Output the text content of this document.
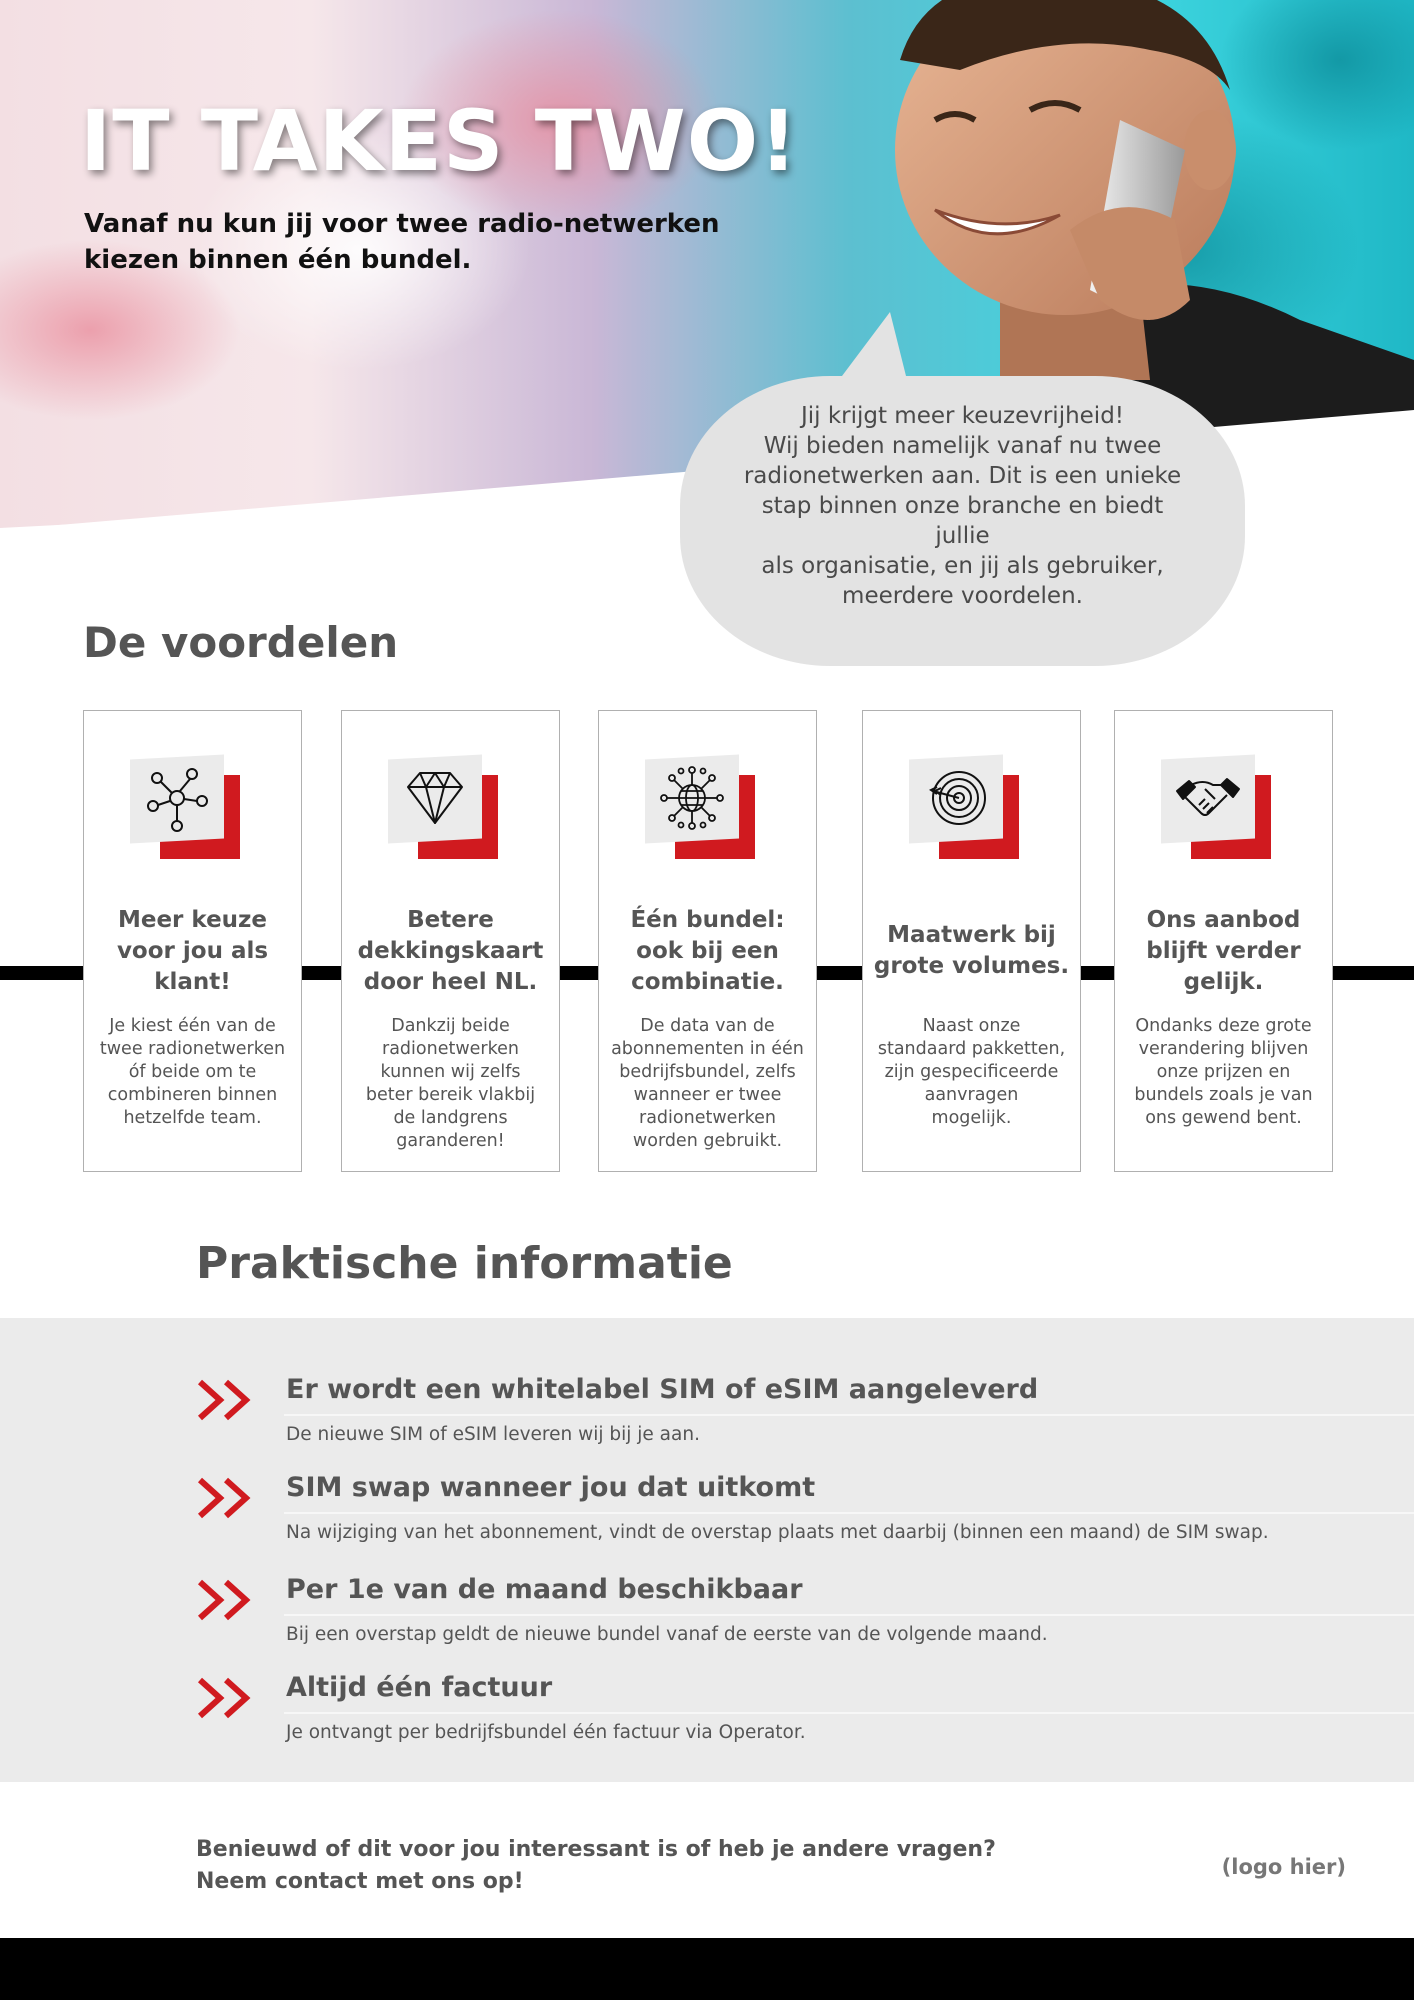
IT TAKES TWO!
Vanaf nu kun jij voor twee radio-netwerken
kiezen binnen één bundel.
Jij krijgt meer keuzevrijheid!
Wij bieden namelijk vanaf nu twee
radionetwerken aan. Dit is een unieke
stap binnen onze branche en biedt jullie
als organisatie, en jij als gebruiker,
meerdere voordelen.
De voordelen
Meer keuze
voor jou als
klant!
Je kiest één van de
twee radionetwerken
óf beide om te
combineren binnen
hetzelfde team.
Betere
dekkingskaart
door heel NL.
Dankzij beide
radionetwerken
kunnen wij zelfs
beter bereik vlakbij
de landgrens
garanderen!
Één bundel:
ook bij een
combinatie.
De data van de
abonnementen in één
bedrijfsbundel, zelfs
wanneer er twee
radionetwerken
worden gebruikt.
Maatwerk bij
grote volumes.
Naast onze
standaard pakketten,
zijn gespecificeerde
aanvragen
mogelijk.
Ons aanbod
blijft verder
gelijk.
Ondanks deze grote
verandering blijven
onze prijzen en
bundels zoals je van
ons gewend bent.
Praktische informatie
Er wordt een whitelabel SIM of eSIM aangeleverd
De nieuwe SIM of eSIM leveren wij bij je aan.
SIM swap wanneer jou dat uitkomt
Na wijziging van het abonnement, vindt de overstap plaats met daarbij (binnen een maand) de SIM swap.
Per 1e van de maand beschikbaar
Bij een overstap geldt de nieuwe bundel vanaf de eerste van de volgende maand.
Altijd één factuur
Je ontvangt per bedrijfsbundel één factuur via Operator.
Benieuwd of dit voor jou interessant is of heb je andere vragen?
Neem contact met ons op!
(logo hier)
